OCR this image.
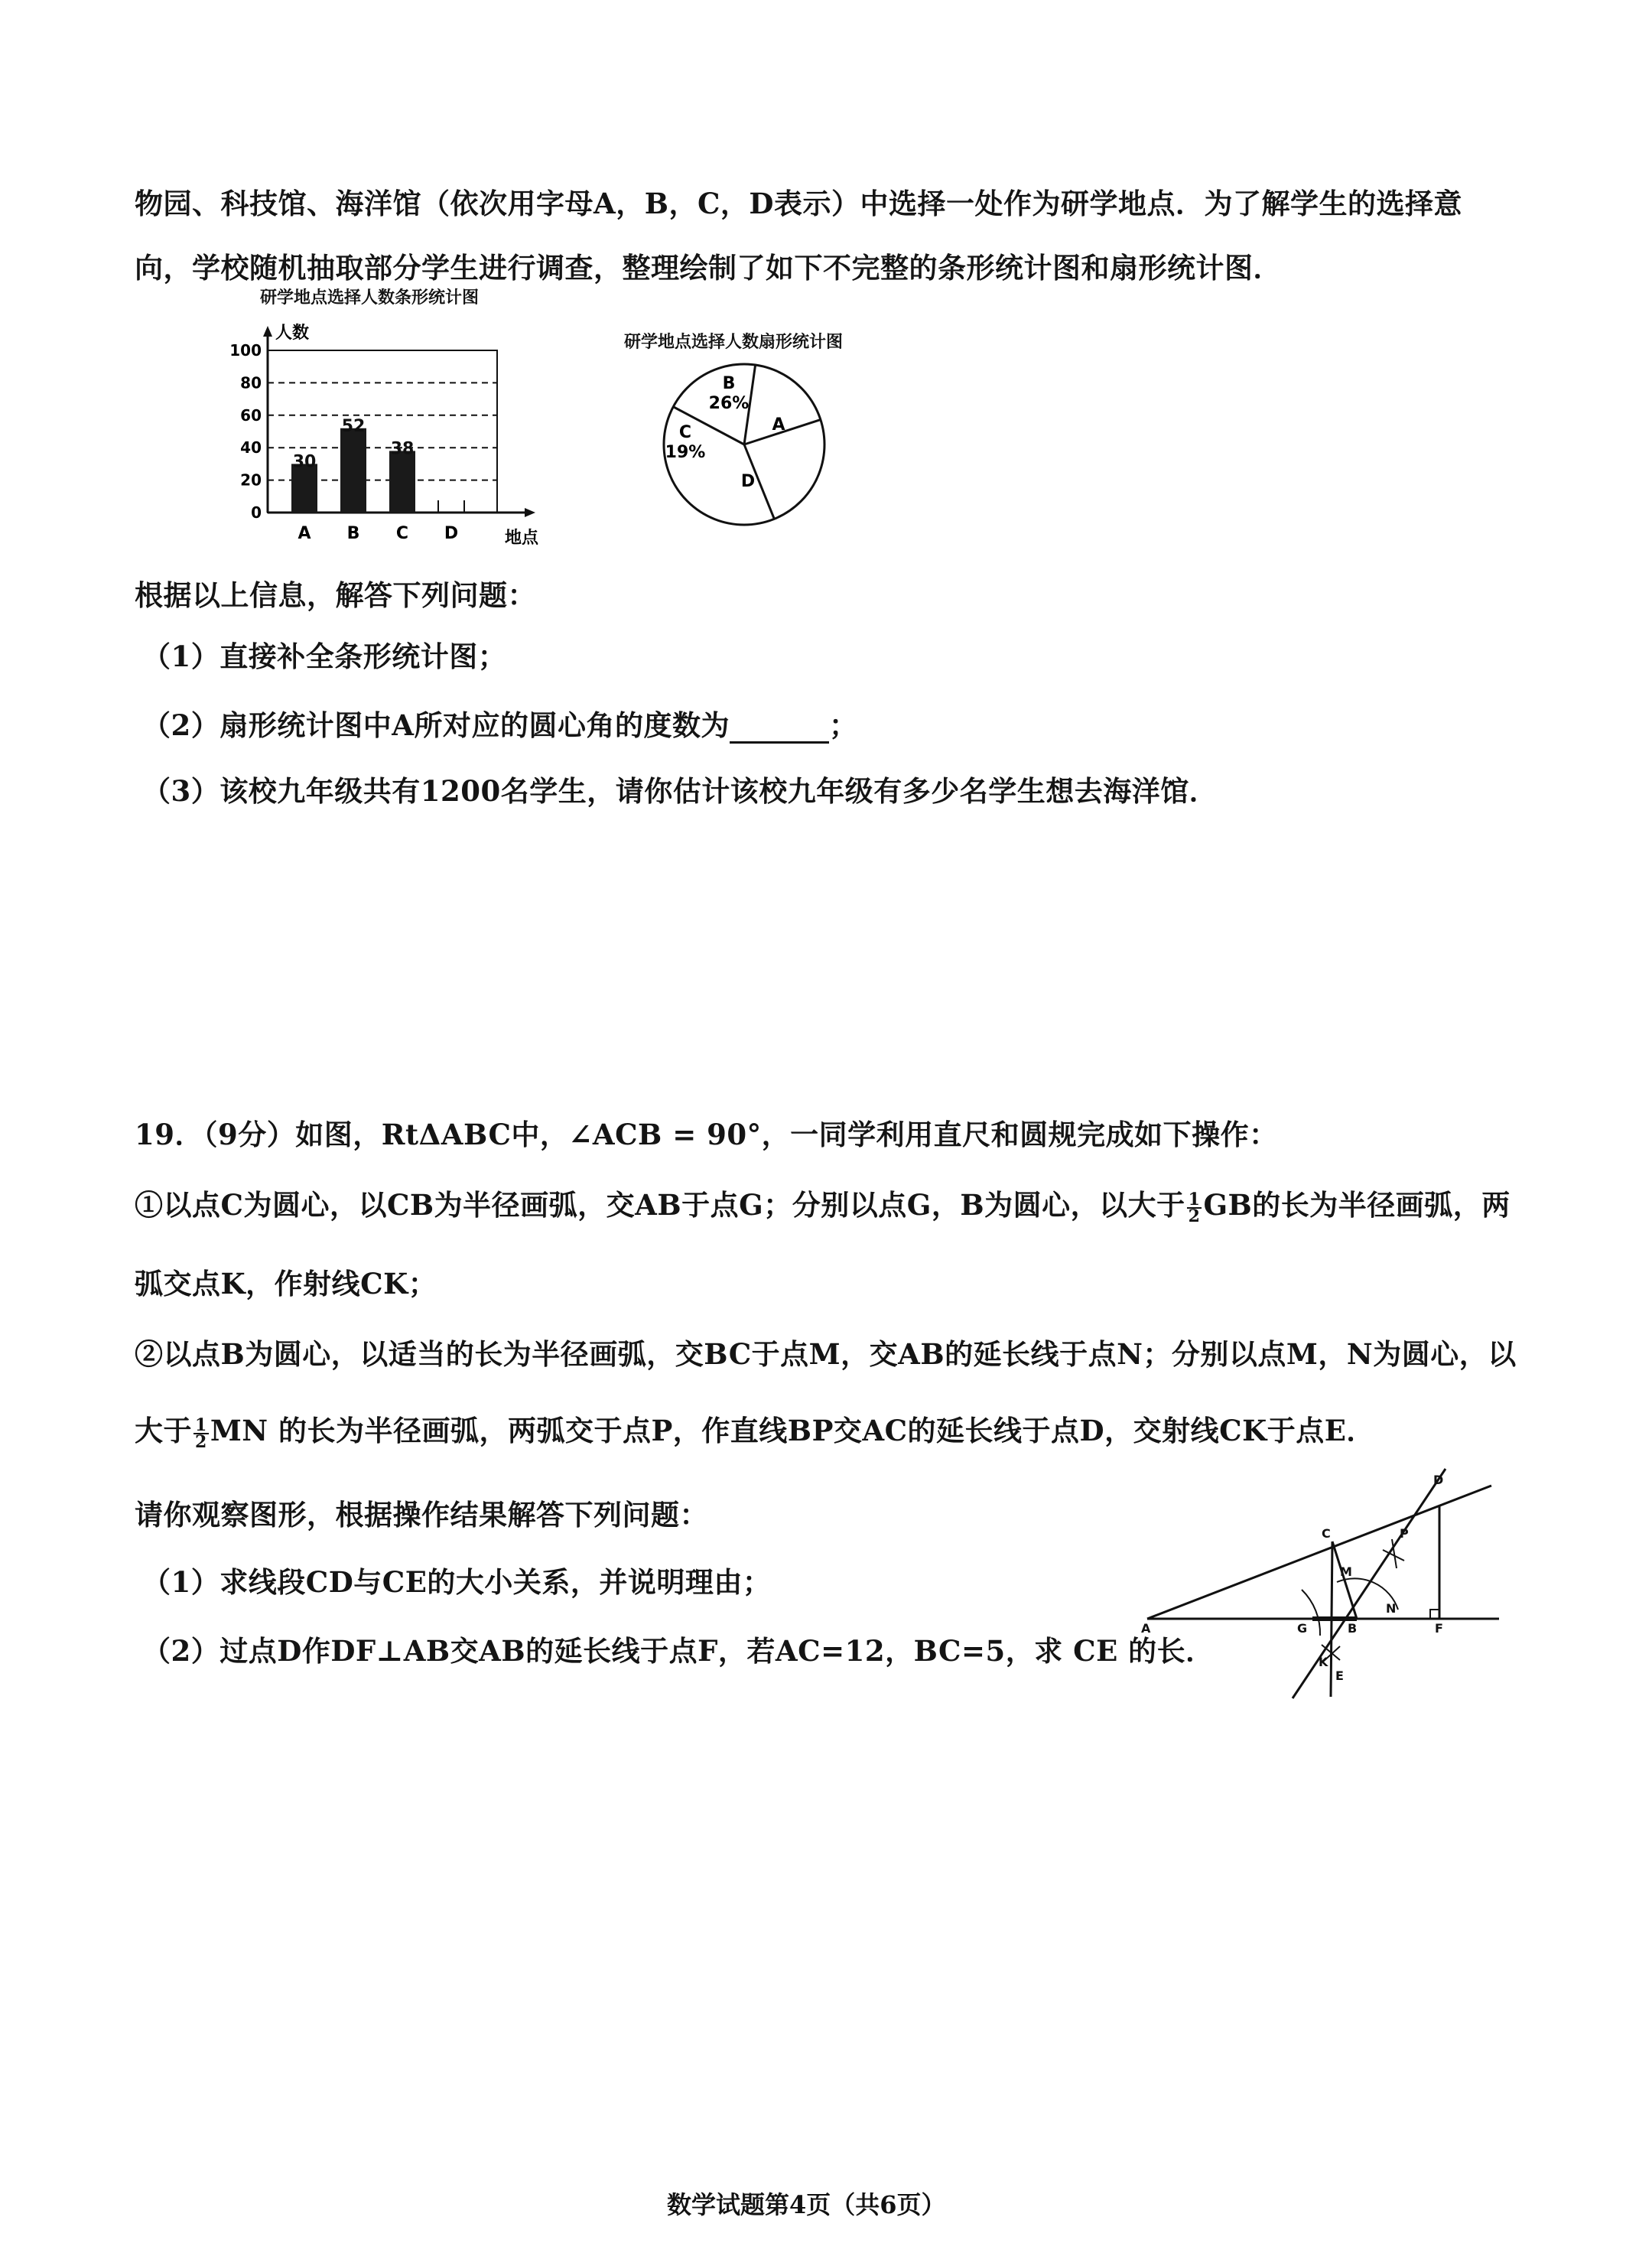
物园、科技馆、海洋馆（依次用字母A，B，C，D表示）中选择一处作为研学地点．为了解学生的选择意
向，学校随机抽取部分学生进行调查，整理绘制了如下不完整的条形统计图和扇形统计图．
研学地点选择人数条形统计图
0
20
40
60
80
100
人数
地点
30
A
52
B
38
C D
研学地点选择人数扇形统计图
A
B
26%
C
19%
D
根据以上信息，解答下列问题：
（1）直接补全条形统计图；
（2）扇形统计图中A所对应的圆心角的度数为	；
（3）该校九年级共有1200名学生，请你估计该校九年级有多少名学生想去海洋馆．
19．（9分）如图，RtΔABC中，∠ACB = 90°，一同学利用直尺和圆规完成如下操作：
①以点C为圆心，以CB为半径画弧，交AB于点G；分别以点G，B为圆心，以大于 $\frac{1}{2}$ GB的长为半径画弧，两
弧交点K，作射线CK；
②以点B为圆心，以适当的长为半径画弧，交BC于点M，交AB的延长线于点N；分别以点M，N为圆心，以
大于 $\frac{1}{2}$ MN 的长为半径画弧，两弧交于点P，作直线BP交AC的延长线于点D，交射线CK于点E．
请你观察图形，根据操作结果解答下列问题：
（1）求线段CD与CE的大小关系，并说明理由；
（2）过点D作DF⊥AB交AB的延长线于点F，若AC=12，BC=5，求 CE 的长．
A	B
C
D
E
F
G
K
M
N
P
数学试题第4页（共6页）
